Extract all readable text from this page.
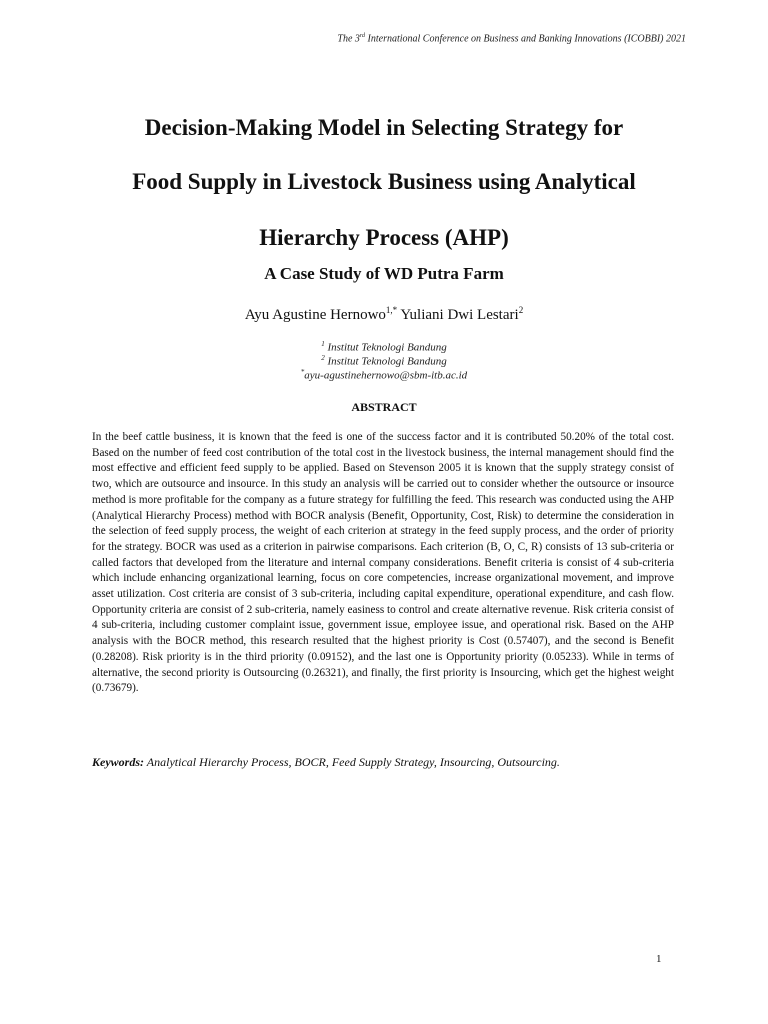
The 3rd International Conference on Business and Banking Innovations (ICOBBI) 2021
Decision-Making Model in Selecting Strategy for
Food Supply in Livestock Business using Analytical
Hierarchy Process (AHP)
A Case Study of WD Putra Farm
Ayu Agustine Hernowo$^{1,*}$ Yuliani Dwi Lestari$^2$
$^1$ Institut Teknologi Bandung
$^2$ Institut Teknologi Bandung
*ayu-agustinehernowo@sbm-itb.ac.id
ABSTRACT

In the beef cattle business, it is known that the feed is one of the success factor and it is contributed 50.20% of the total cost. Based on the number of feed cost contribution of the total cost in the livestock business, the internal management should find the most effective and efficient feed supply to be applied. Based on Stevenson 2005 it is known that the supply strategy consist of two, which are outsource and insource. In this study an analysis will be carried out to consider whether the outsource or insource method is more profitable for the company as a future strategy for fulfilling the feed. This research was conducted using the AHP (Analytical Hierarchy Process) method with BOCR analysis (Benefit, Opportunity, Cost, Risk) to determine the consideration in the selection of feed supply process, the weight of each criterion at strategy in the feed supply process, and the order of priority for the strategy. BOCR was used as a criterion in pairwise comparisons. Each criterion (B, O, C, R) consists of 13 sub-criteria or called factors that developed from the literature and internal company considerations. Benefit criteria is consist of 4 sub-criteria which include enhancing organizational learning, focus on core competencies, increase organizational movement, and improve asset utilization. Cost criteria are consist of 3 sub-criteria, including capital expenditure, operational expenditure, and cash flow. Opportunity criteria are consist of 2 sub-criteria, namely easiness to control and create alternative revenue. Risk criteria consist of 4 sub-criteria, including customer complaint issue, government issue, employee issue, and operational risk. Based on the AHP analysis with the BOCR method, this research resulted that the highest priority is Cost (0.57407), and the second is Benefit (0.28208). Risk priority is in the third priority (0.09152), and the last one is Opportunity priority (0.05233). While in terms of alternative, the second priority is Outsourcing (0.26321), and finally, the first priority is Insourcing, which get the highest weight (0.73679).

Keywords: Analytical Hierarchy Process, BOCR, Feed Supply Strategy, Insourcing, Outsourcing.
1
